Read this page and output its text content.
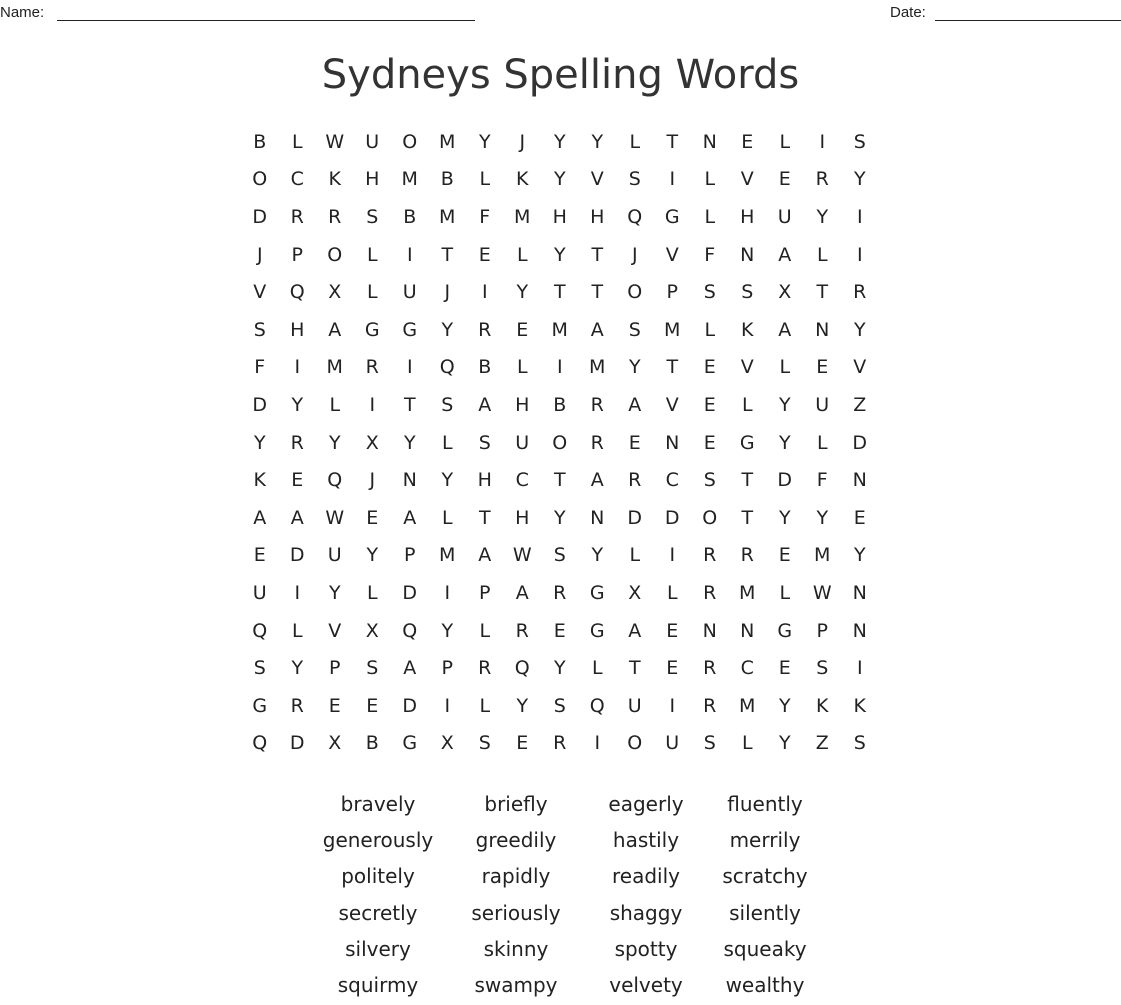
Name:	Date:
Sydneys Spelling Words
B	L	W	U	O	M	Y	J	Y	Y	L	T	N	E	L	I	S
O	C	K	H	M	B	L	K	Y	V	S	I	L	V	E	R	Y
D	R	R	S	B	M	F	M	H	H	Q	G	L	H	U	Y	I
J	P	O	L	I	T	E	L	Y	T	J	V	F	N	A	L	I
V	Q	X	L	U	J	I	Y	T	T	O	P	S	S	X	T	R
S	H	A	G	G	Y	R	E	M	A	S	M	L	K	A	N	Y
F	I	M	R	I	Q	B	L	I	M	Y	T	E	V	L	E	V
D	Y	L	I	T	S	A	H	B	R	A	V	E	L	Y	U	Z
Y	R	Y	X	Y	L	S	U	O	R	E	N	E	G	Y	L	D
K	E	Q	J	N	Y	H	C	T	A	R	C	S	T	D	F	N
A	A	W	E	A	L	T	H	Y	N	D	D	O	T	Y	Y	E
E	D	U	Y	P	M	A	W	S	Y	L	I	R	R	E	M	Y
U	I	Y	L	D	I	P	A	R	G	X	L	R	M	L	W	N
Q	L	V	X	Q	Y	L	R	E	G	A	E	N	N	G	P	N
S	Y	P	S	A	P	R	Q	Y	L	T	E	R	C	E	S	I
G	R	E	E	D	I	L	Y	S	Q	U	I	R	M	Y	K	K
Q	D	X	B	G	X	S	E	R	I	O	U	S	L	Y	Z	S
bravely	briefly	eagerly	fluently
generously	greedily	hastily	merrily
politely	rapidly	readily	scratchy
secretly	seriously	shaggy	silently
silvery	skinny	spotty	squeaky
squirmy	swampy	velvety	wealthy
